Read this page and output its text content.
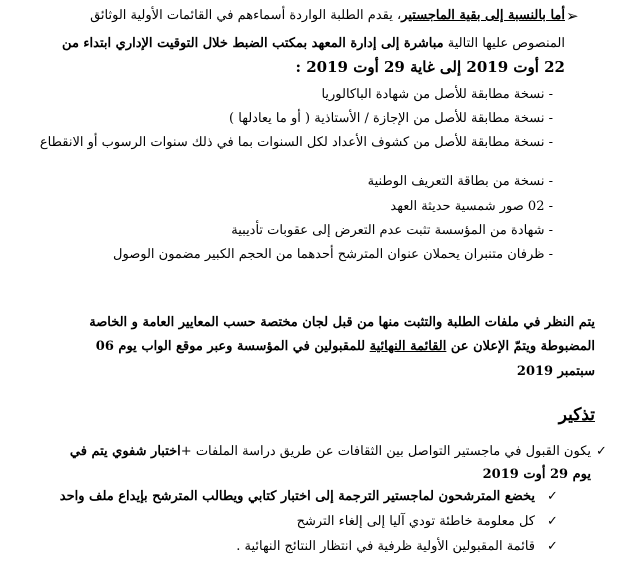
➢
أما بالنسبة إلى بقية الماجستير، يقدم الطلبة الواردة أسماءهم في القائمات الأولية الوثائق
المنصوص عليها التالية مباشرة إلى إدارة المعهد بمكتب الضبط خلال التوقيت الإداري ابتداء من
22 أوت 2019 إلى غاية 29 أوت 2019 :
- نسخة مطابقة للأصل من شهادة الباكالوريا
- نسخة مطابقة للأصل من الإجازة / الأستاذية ( أو ما يعادلها )
- نسخة مطابقة للأصل من كشوف الأعداد لكل السنوات بما في ذلك سنوات الرسوب أو الانقطاع
- نسخة من بطاقة التعريف الوطنية
- 02 صور شمسية حديثة العهد
- شهادة من المؤسسة تثبت عدم التعرض إلى عقوبات تأديبية
- ظرفان متنبران يحملان عنوان المترشح أحدهما من الحجم الكبير مضمون الوصول
يتم النظر في ملفات الطلبة والتثبت منها من قبل لجان مختصة حسب المعايير العامة و الخاصة
المضبوطة ويتمّ الإعلان عن القائمة النهائية للمقبولين في المؤسسة وعبر موقع الواب يوم 06
سبتمبر 2019
تذكير
✓
يكون القبول في ماجستير التواصل بين الثقافات عن طريق دراسة الملفات +اختبار شفوي يتم في
يوم 29 أوت 2019
✓
يخضع المترشحون لماجستير الترجمة إلى اختبار كتابي ويطالب المترشح بإيداع ملف واحد
✓
كل معلومة خاطئة تودي آليا إلى إلغاء الترشح
✓
قائمة المقبولين الأولية ظرفية في انتظار النتائج النهائية .
